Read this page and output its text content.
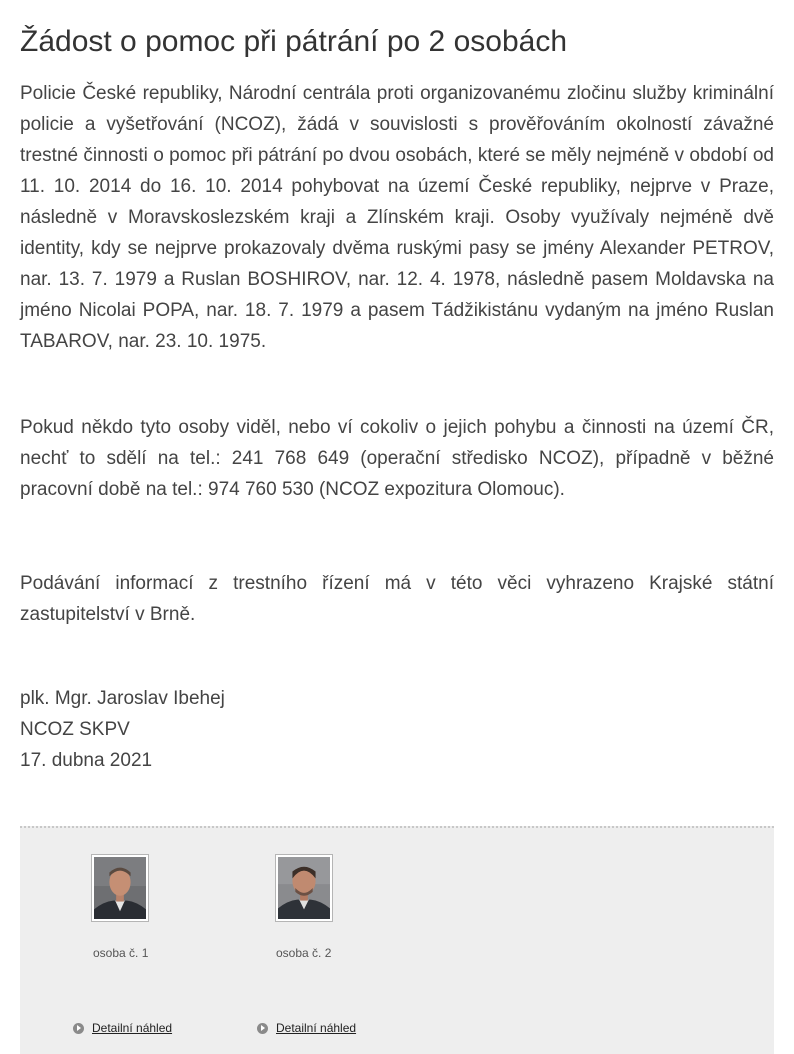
Žádost o pomoc při pátrání po 2 osobách

Policie České republiky, Národní centrála proti organizovanému zločinu služby kriminální policie a vyšetřování (NCOZ), žádá v souvislosti s prověřováním okolností závažné trestné činnosti o pomoc při pátrání po dvou osobách, které se měly nejméně v období od 11. 10. 2014 do 16. 10. 2014 pohybovat na území České republiky, nejprve v Praze, následně v Moravskoslezském kraji a Zlínském kraji. Osoby využívaly nejméně dvě identity, kdy se nejprve prokazovaly dvěma ruskými pasy se jmény Alexander PETROV, nar. 13. 7. 1979 a Ruslan BOSHIROV, nar. 12. 4. 1978, následně pasem Moldavska na jméno Nicolai POPA, nar. 18. 7. 1979 a pasem Tádžikistánu vydaným na jméno Ruslan TABAROV, nar. 23. 10. 1975.

Pokud někdo tyto osoby viděl, nebo ví cokoliv o jejich pohybu a činnosti na území ČR, nechť to sdělí na tel.: 241 768 649 (operační středisko NCOZ), případně v běžné pracovní době na tel.: 974 760 530 (NCOZ expozitura Olomouc).

Podávání informací z trestního řízení má v této věci vyhrazeno Krajské státní zastupitelství v Brně.

plk. Mgr. Jaroslav Ibehej
NCOZ SKPV
17. dubna 2021
osoba č. 1
Detailní náhled
osoba č. 2
Detailní náhled
